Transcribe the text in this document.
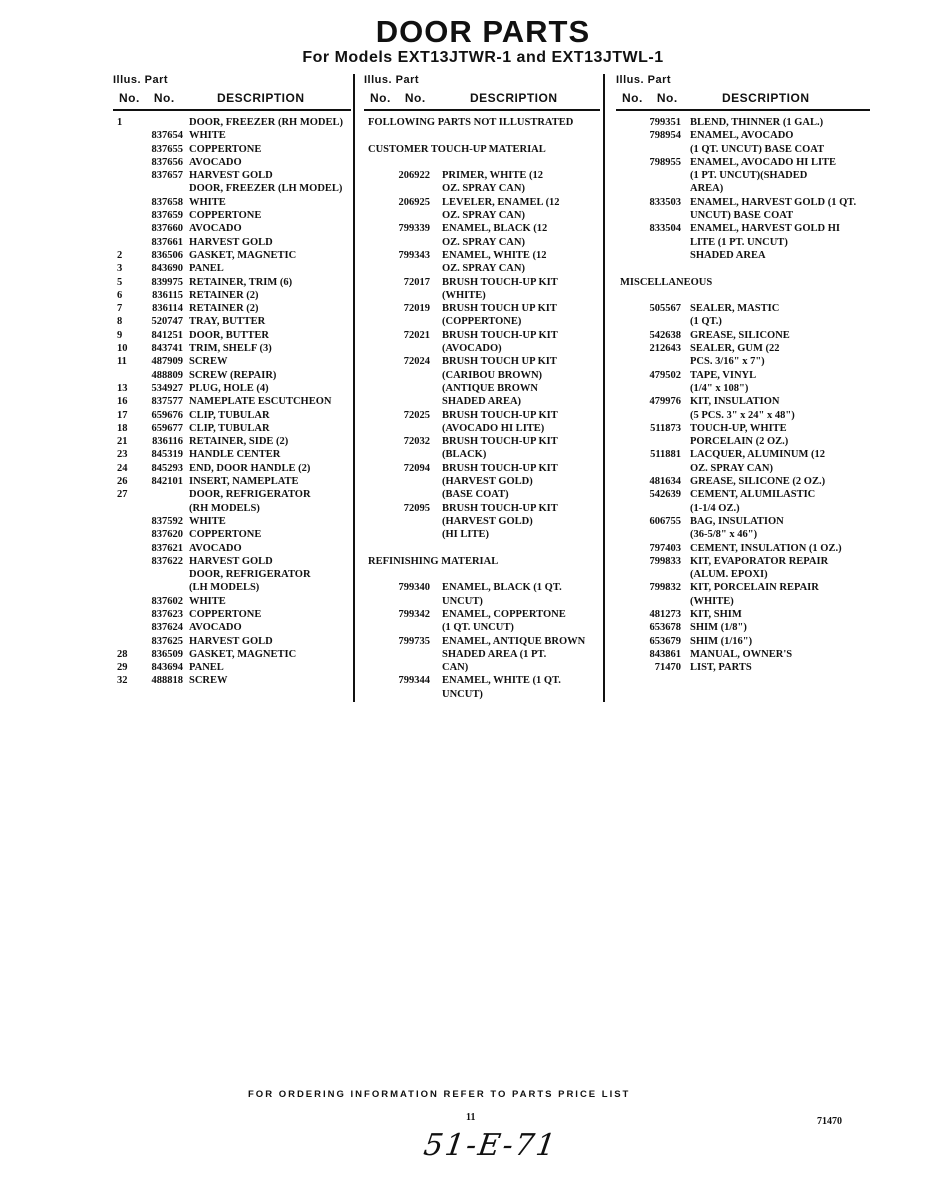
DOOR PARTS
For Models EXT13JTWR-1 and EXT13JTWL-1
Illus. Part
No. No.	DESCRIPTION
1	DOOR, FREEZER (RH MODEL)
837654 WHITE
837655 COPPERTONE
837656 AVOCADO
837657 HARVEST GOLD
DOOR, FREEZER (LH MODEL)
837658 WHITE
837659 COPPERTONE
837660 AVOCADO
837661 HARVEST GOLD
2	836506 GASKET, MAGNETIC
3	843690 PANEL
5	839975 RETAINER, TRIM (6)
6	836115 RETAINER (2)
7	836114 RETAINER (2)
8	520747 TRAY, BUTTER
9	841251 DOOR, BUTTER
10 843741 TRIM, SHELF (3)
11 487909 SCREW
488809 SCREW (REPAIR)
13 534927 PLUG, HOLE (4)
16 837577 NAMEPLATE ESCUTCHEON
17 659676 CLIP, TUBULAR
18 659677 CLIP, TUBULAR
21 836116 RETAINER, SIDE (2)
23 845319 HANDLE CENTER
24 845293 END, DOOR HANDLE (2)
26 842101 INSERT, NAMEPLATE
27	DOOR, REFRIGERATOR
(RH MODELS)
837592 WHITE
837620 COPPERTONE
837621 AVOCADO
837622 HARVEST GOLD
DOOR, REFRIGERATOR
(LH MODELS)
837602 WHITE
837623 COPPERTONE
837624 AVOCADO
837625 HARVEST GOLD
28 836509 GASKET, MAGNETIC
29 843694 PANEL
32 488818 SCREW
Illus. Part
No. No.	DESCRIPTION
FOLLOWING PARTS NOT ILLUSTRATED
CUSTOMER TOUCH-UP MATERIAL
206922 PRIMER, WHITE (12
OZ. SPRAY CAN)
206925 LEVELER, ENAMEL (12
OZ. SPRAY CAN)
799339 ENAMEL, BLACK (12
OZ. SPRAY CAN)
799343 ENAMEL, WHITE (12
OZ. SPRAY CAN)
72017 BRUSH TOUCH-UP KIT
(WHITE)
72019 BRUSH TOUCH UP KIT
(COPPERTONE)
72021 BRUSH TOUCH-UP KIT
(AVOCADO)
72024 BRUSH TOUCH UP KIT
(CARIBOU BROWN)
(ANTIQUE BROWN
SHADED AREA)
72025 BRUSH TOUCH-UP KIT
(AVOCADO HI LITE)
72032 BRUSH TOUCH-UP KIT
(BLACK)
72094 BRUSH TOUCH-UP KIT
(HARVEST GOLD)
(BASE COAT)
72095 BRUSH TOUCH-UP KIT
(HARVEST GOLD)
(HI LITE)
REFINISHING MATERIAL
799340 ENAMEL, BLACK (1 QT.
UNCUT)
799342 ENAMEL, COPPERTONE
(1 QT. UNCUT)
799735 ENAMEL, ANTIQUE BROWN
SHADED AREA (1 PT.
CAN)
799344 ENAMEL, WHITE (1 QT.
UNCUT)
Illus. Part
No. No.	DESCRIPTION
799351 BLEND, THINNER (1 GAL.)
798954 ENAMEL, AVOCADO
(1 QT. UNCUT) BASE COAT
798955 ENAMEL, AVOCADO HI LITE
(1 PT. UNCUT)(SHADED
AREA)
833503 ENAMEL, HARVEST GOLD (1 QT.
UNCUT) BASE COAT
833504 ENAMEL, HARVEST GOLD HI
LITE (1 PT. UNCUT)
SHADED AREA
MISCELLANEOUS
505567 SEALER, MASTIC
(1 QT.)
542638 GREASE, SILICONE
212643 SEALER, GUM (22
PCS. 3/16" x 7")
479502 TAPE, VINYL
(1/4" x 108")
479976 KIT, INSULATION
(5 PCS. 3" x 24" x 48")
511873 TOUCH-UP, WHITE
PORCELAIN (2 OZ.)
511881 LACQUER, ALUMINUM (12
OZ. SPRAY CAN)
481634 GREASE, SILICONE (2 OZ.)
542639 CEMENT, ALUMILASTIC
(1-1/4 OZ.)
606755 BAG, INSULATION
(36-5/8" x 46")
797403 CEMENT, INSULATION (1 OZ.)
799833 KIT, EVAPORATOR REPAIR
(ALUM. EPOXI)
799832 KIT, PORCELAIN REPAIR
(WHITE)
481273 KIT, SHIM
653678 SHIM (1/8")
653679 SHIM (1/16")
843861 MANUAL, OWNER'S
71470 LIST, PARTS
FOR ORDERING INFORMATION REFER TO PARTS PRICE LIST
11	71470
51-E-71
